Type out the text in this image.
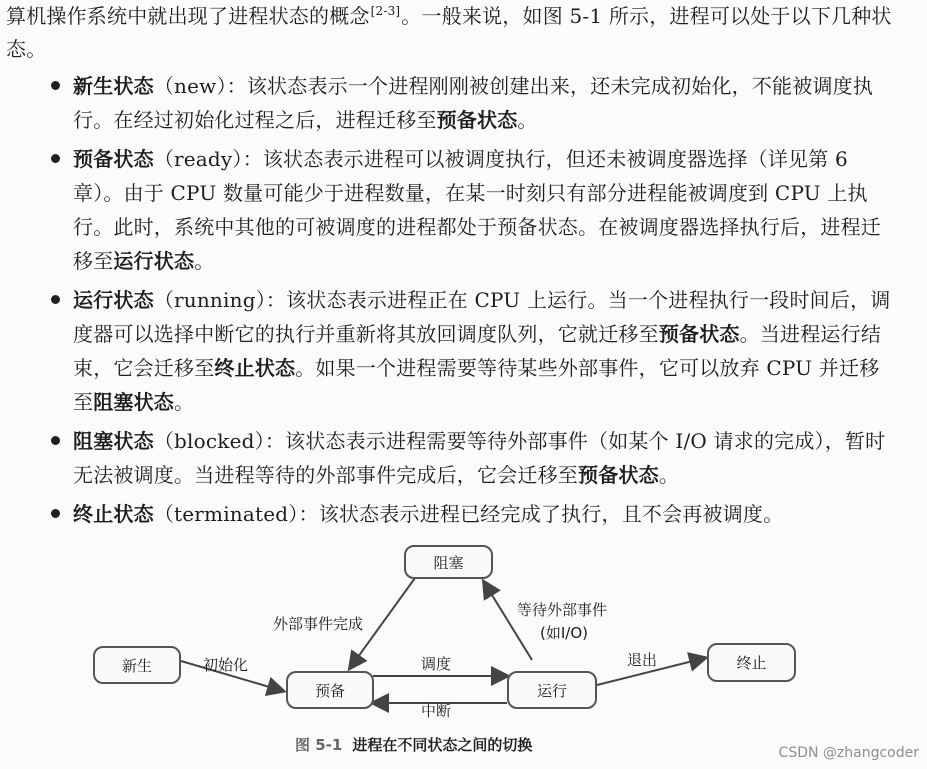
算机操作系统中就出现了进程状态的概念[2-3]。一般来说，如图 5-1 所示，进程可以处于以下几种状态。
新生状态（new）：该状态表示一个进程刚刚被创建出来，还未完成初始化，不能被调度执行。在经过初始化过程之后，进程迁移至预备状态。
预备状态（ready）：该状态表示进程可以被调度执行，但还未被调度器选择（详见第 6 章）。由于 CPU 数量可能少于进程数量，在某一时刻只有部分进程能被调度到 CPU 上执行。此时，系统中其他的可被调度的进程都处于预备状态。在被调度器选择执行后，进程迁移至运行状态。
运行状态（running）：该状态表示进程正在 CPU 上运行。当一个进程执行一段时间后，调度器可以选择中断它的执行并重新将其放回调度队列，它就迁移至预备状态。当进程运行结束，它会迁移至终止状态。如果一个进程需要等待某些外部事件，它可以放弃 CPU 并迁移至阻塞状态。
阻塞状态（blocked）：该状态表示进程需要等待外部事件（如某个 I/O 请求的完成），暂时无法被调度。当进程等待的外部事件完成后，它会迁移至预备状态。
终止状态（terminated）：该状态表示进程已经完成了执行，且不会再被调度。
阻塞
新生
预备	运行
终止
初始化
外部事件完成
等待外部事件
(如I/O)
调度
中断
退出
图 5-1 进程在不同状态之间的切换	CSDN @zhangcoder
